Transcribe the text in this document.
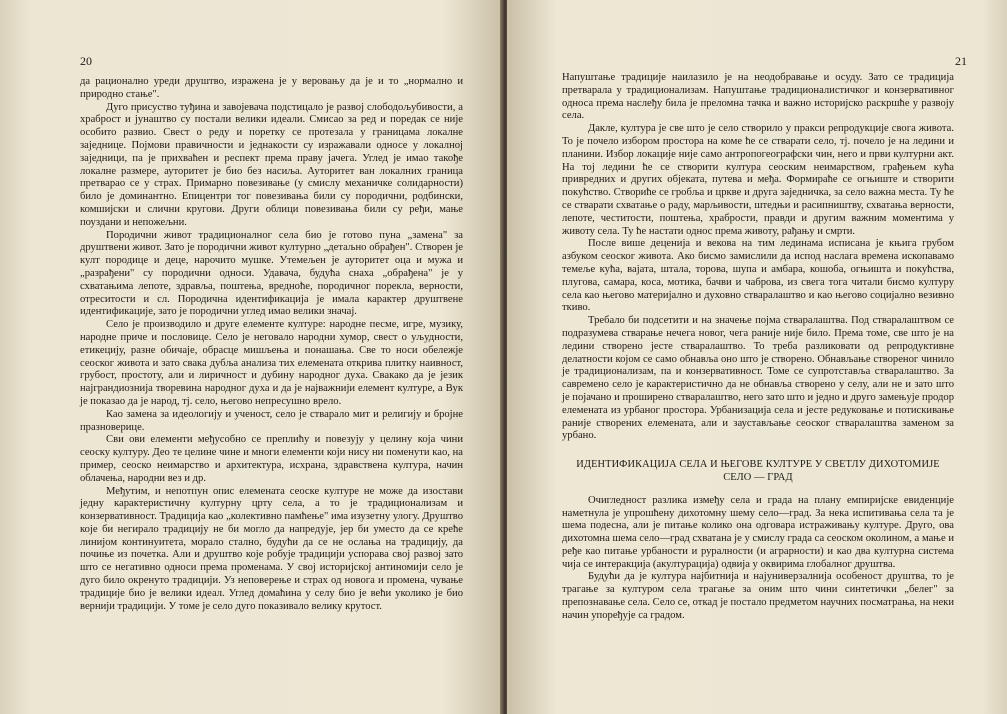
20

да рационално уреди друштво, изражена је у веровању да је и то „нормално и природно стање".

Дуго присуство туђина и завојевача подстицало је развој слободољубивости, а храброст и јунаштво су постали велики идеали. Смисао за ред и поредак се није особито развио. Свест о реду и поретку се протезала у границама локалне заједнице. Појмови правичности и једнакости су изражавали односе у локалној заједници, па је прихваћен и респект према праву јачега. Углед је имао такође локалне размере, ауторитет је био без насиља. Ауторитет ван локалних граница претварао се у страх. Примарно повезивање (у смислу механичке солидарности) било је доминантно. Епицентри тог повезивања били су породични, родбински, комшијски и слични кругови. Други облици повезивања били су ређи, мање поуздани и непожељни.

Породични живот традиционалног села био је готово пуна „замена" за друштвени живот. Зато је породични живот културно „детаљно обрађен". Створен је култ породице и деце, нарочито мушке. Утемељен је ауторитет оца и мужа и „разрађени" су породични односи. Удавача, будућа снаха „обрађена" је у схватањима лепоте, здравља, поштења, вредноће, породичног порекла, верности, отреситости и сл. Породична идентификација је имала карактер друштвене идентификације, зато је породични углед имао велики значај.

Село је производило и друге елементе културе: народне песме, игре, музику, народне приче и пословице. Село је неговало народни хумор, свест о уљудности, етикецију, разне обичаје, обрасце мишљења и понашања. Све то носи обележје сеоског живота и зато свака дубља анализа тих елемената открива плитку наивност, грубост, простоту, али и лиричност и дубину народног духа. Свакако да је језик најграндиознија творевина народног духа и да је најважнији елемент културе, а Вук је показао да је народ, тј. село, његово непресушно врело.

Као замена за идеологију и ученост, село је стварало мит и религију и бројне празноверице.

Сви ови елементи међусобно се преплићу и повезују у целину која чини сеоску културу. Део те целине чине и многи елементи који нису ни поменути као, на пример, сеоско неимарство и архитектура, исхрана, здравствена култура, начин облачења, народни вез и др.

Међутим, и непотпун опис елемената сеоске културе не може да изостави једну карактеристичну културну црту села, а то је традиционализам и конзервативност. Традиција као „колективно памћење" има изузетну улогу. Друштво које би негирало традицију не би могло да напредује, јер би уместо да се креће линијом континуитета, морало стално, будући да се не ослања на традицију, да почиње из почетка. Али и друштво које робује традицији успорава свој развој зато што се негативно односи према променама. У свој историјској антиномији село је дуго било окренуто традицији. Уз неповерење и страх од новога и промена, чување традиције био је велики идеал. Углед домаћина у селу био је већи уколико је био вернији традицији. У томе је село дуго показивало велику крутост.

21

Напуштање традиције наилазило је на неодобравање и осуду. Зато се традиција претварала у традиционализам. Напуштање традиционалистичког и конзервативног односа према наслеђу била је преломна тачка и важно историјско раскршће у развоју села.

Дакле, култура је све што је село створило у пракси репродукције свога живота. То је почело избором простора на коме ће се стварати село, тј. почело је на ледини и планини. Избор локације није само антропогеографски чин, него и први културни акт. На тој ледини ће се створити култура сеоским неимарством, грађењем кућа привредних и других објеката, путева и међа. Формираће се огњиште и створити покућство. Створиће се гробља и цркве и друга заједничка, за село важна места. Ту ће се стварати схватање о раду, марљивости, штедњи и расипништву, схватања верности, лепоте, честитости, поштења, храбрости, правди и другим важним моментима у животу села. Ту ће настати однос према животу, рађању и смрти.

После више деценија и векова на тим лединама исписана је књига грубом азбуком сеоског живота. Ако бисмо замислили да испод наслага времена ископавамо темеље кућа, вајата, штала, торова, шупа и амбара, кошоба, огњишта и покућства, плугова, самара, коса, мотика, бачви и чаброва, из свега тога читали бисмо културу села као његово материјално и духовно стваралаштво и као његово социјално везивно ткиво.

Требало би подсетити и на значење појма стваралаштва. Под стваралаштвом се подразумева стварање нечега новог, чега раније није било. Према томе, све што је на ледини створено јесте стваралаштво. То треба разликовати од репродуктивне делатности којом се само обнавља оно што је створено. Обнављање створеног чинило је традиционализам, па и конзервативност. Томе се супротставља стваралаштво. За савремено село је карактеристично да не обнавља створено у селу, али не и зато што је појачано и проширено стваралаштво, него зато што и једно и друго замењује продор елемената из урбаног простора. Урбанизација села и јесте редуковање и потискивање раније створених елемената, али и заустављање сеоског стваралаштва заменом за урбано.

ИДЕНТИФИКАЦИЈА СЕЛА И ЊЕГОВЕ КУЛТУРЕ У СВЕТЛУ ДИХОТОМИЈЕ СЕЛО — ГРАД

Очигледност разлика између села и града на плану емпиријске евиденције наметнула је упрошћену дихотомну шему село—град. За нека испитивања села та је шема подесна, али је питање колико она одговара истраживању културе. Друго, ова дихотомна шема село—град схватана је у смислу града са сеоском околином, а мање и ређе као питање урбаности и руралности (и аграрности) и као два културна система чија се интеракција (акултурација) одвија у оквирима глобалног друштва.

Будући да је култура најбитнија и најуниверзалнија особеност друштва, то је трагање за културом села трагање за оним што чини синтетички „белег" за препознавање села. Село се, откад је постало предметом научних посматрања, на неки начин упоређује са градом.
